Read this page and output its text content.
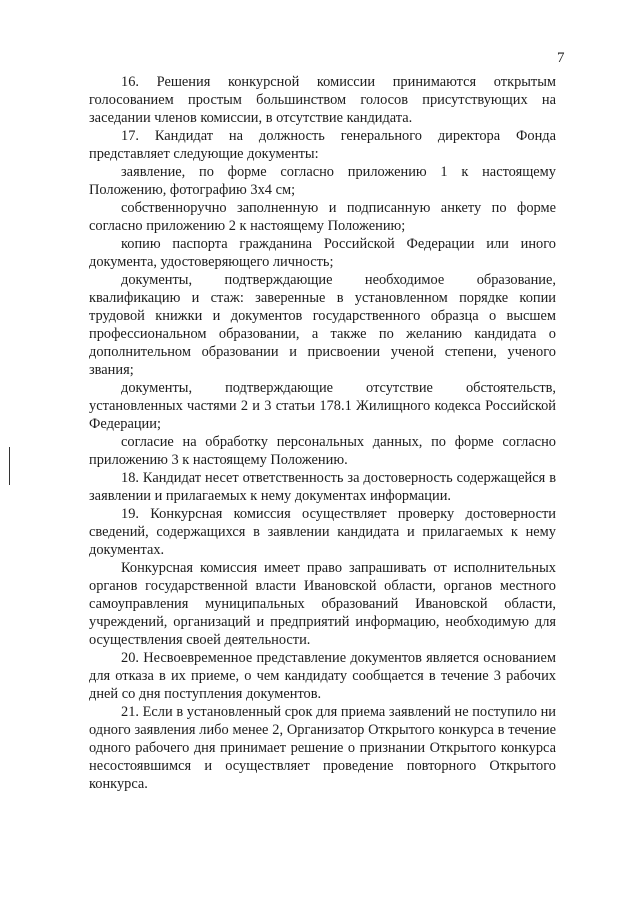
7

16. Решения конкурсной комиссии принимаются открытым голосованием простым большинством голосов присутствующих на заседании членов комиссии, в отсутствие кандидата.

17. Кандидат на должность генерального директора Фонда представляет следующие документы:

заявление, по форме согласно приложению 1 к настоящему Положению, фотографию 3х4 см;

собственноручно заполненную и подписанную анкету по форме согласно приложению 2 к настоящему Положению;

копию паспорта гражданина Российской Федерации или иного документа, удостоверяющего личность;

документы, подтверждающие необходимое образование, квалификацию и стаж: заверенные в установленном порядке копии трудовой книжки и документов государственного образца о высшем профессиональном образовании, а также по желанию кандидата о дополнительном образовании и присвоении ученой степени, ученого звания;

документы, подтверждающие отсутствие обстоятельств, установленных частями 2 и 3 статьи 178.1 Жилищного кодекса Российской Федерации;

согласие на обработку персональных данных, по форме согласно приложению 3 к настоящему Положению.

18. Кандидат несет ответственность за достоверность содержащейся в заявлении и прилагаемых к нему документах информации.

19. Конкурсная комиссия осуществляет проверку достоверности сведений, содержащихся в заявлении кандидата и прилагаемых к нему документах.

Конкурсная комиссия имеет право запрашивать от исполнительных органов государственной власти Ивановской области, органов местного самоуправления муниципальных образований Ивановской области, учреждений, организаций и предприятий информацию, необходимую для осуществления своей деятельности.

20. Несвоевременное представление документов является основанием для отказа в их приеме, о чем кандидату сообщается в течение 3 рабочих дней со дня поступления документов.

21. Если в установленный срок для приема заявлений не поступило ни одного заявления либо менее 2, Организатор Открытого конкурса в течение одного рабочего дня принимает решение о признании Открытого конкурса несостоявшимся и осуществляет проведение повторного Открытого конкурса.
